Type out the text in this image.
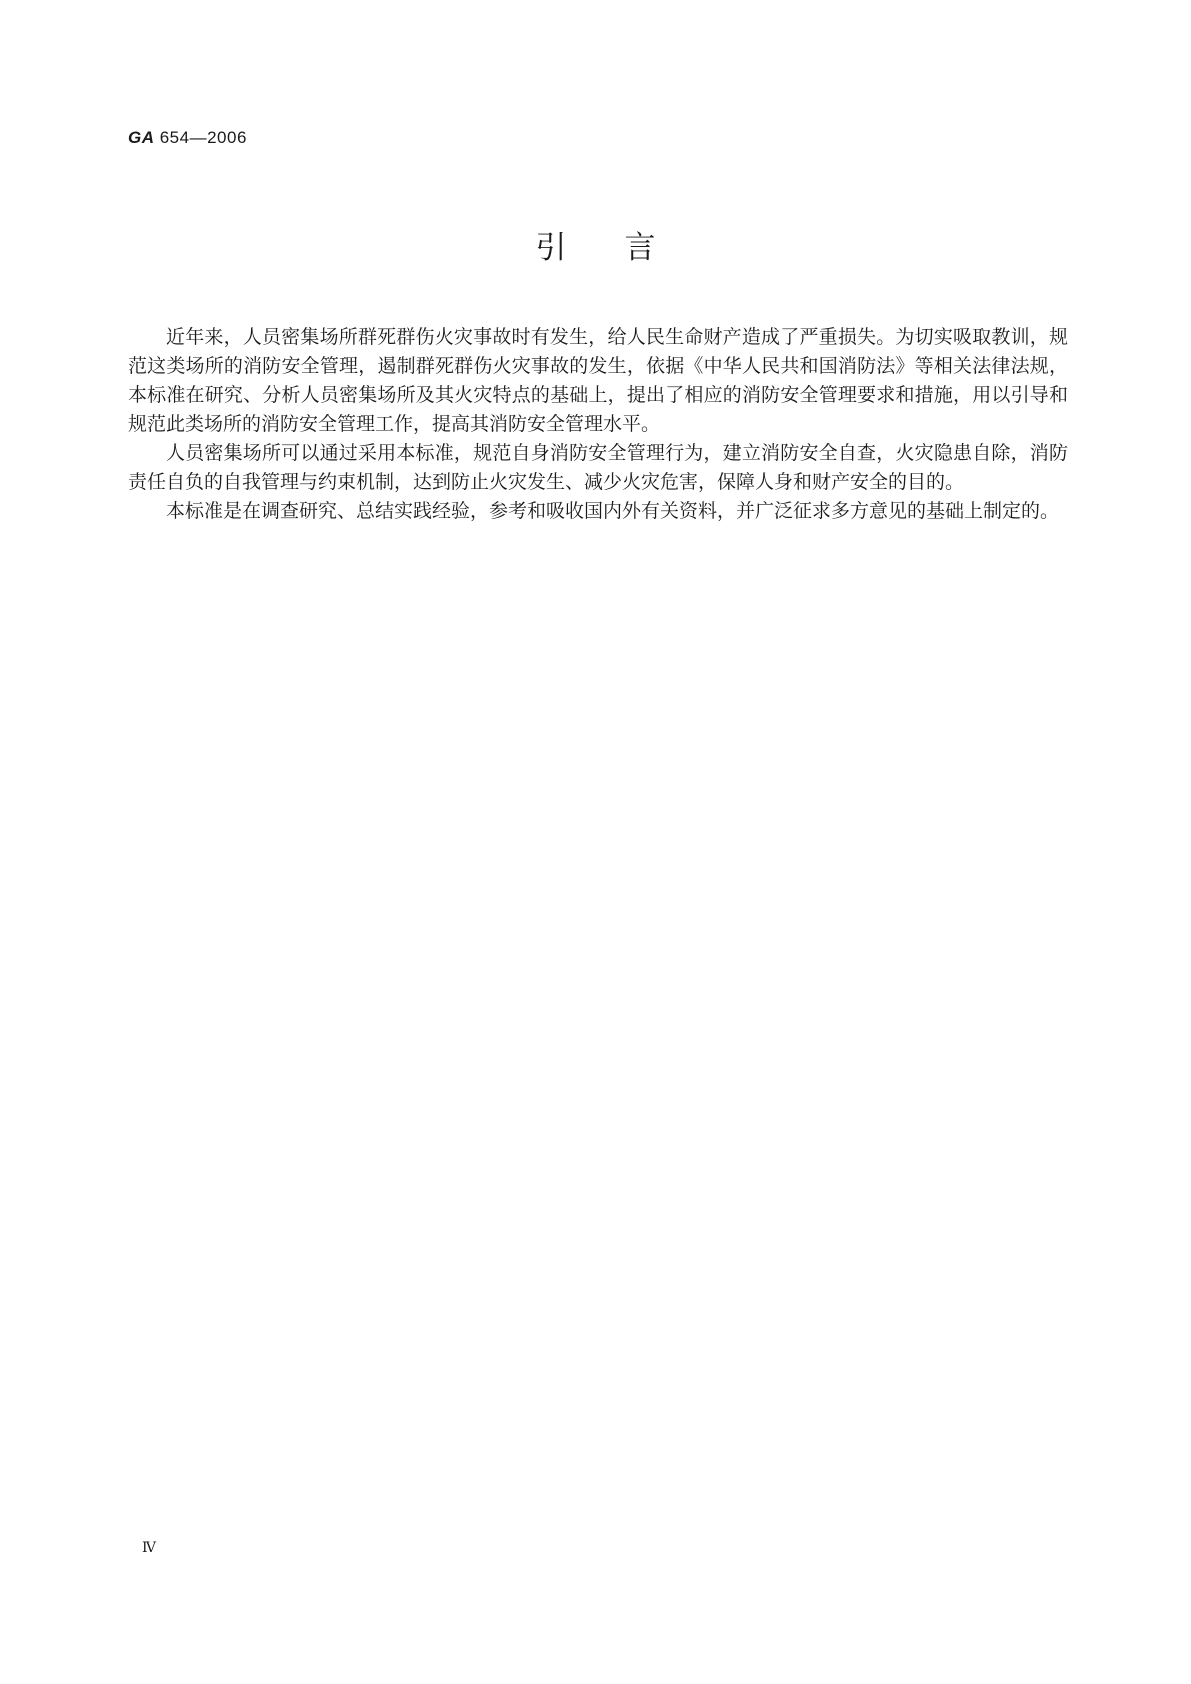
GA 654—2006
引言

近年来，人员密集场所群死群伤火灾事故时有发生，给人民生命财产造成了严重损失。为切实吸取教训，规范这类场所的消防安全管理，遏制群死群伤火灾事故的发生，依据《中华人民共和国消防法》等相关法律法规，本标准在研究、分析人员密集场所及其火灾特点的基础上，提出了相应的消防安全管理要求和措施，用以引导和规范此类场所的消防安全管理工作，提高其消防安全管理水平。

人员密集场所可以通过采用本标准，规范自身消防安全管理行为，建立消防安全自查，火灾隐患自除，消防责任自负的自我管理与约束机制，达到防止火灾发生、减少火灾危害，保障人身和财产安全的目的。

本标准是在调查研究、总结实践经验，参考和吸收国内外有关资料，并广泛征求多方意见的基础上制定的。

Ⅳ
